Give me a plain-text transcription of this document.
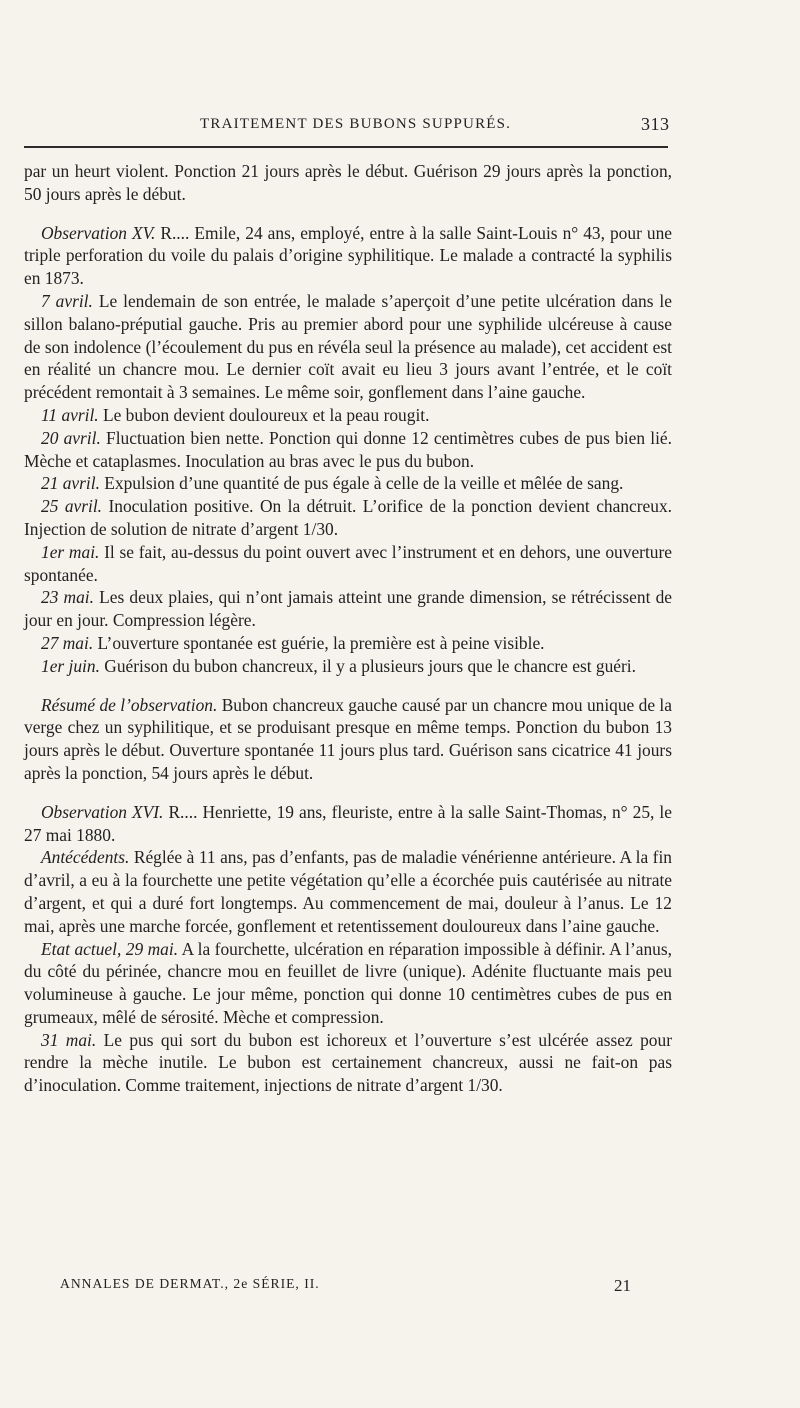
TRAITEMENT DES BUBONS SUPPURÉS.	313

par un heurt violent. Ponction 21 jours après le début. Guérison 29 jours après la ponction, 50 jours après le début.

Observation XV. R.... Emile, 24 ans, employé, entre à la salle Saint-Louis n° 43, pour une triple perforation du voile du palais d’origine syphilitique. Le malade a contracté la syphilis en 1873.

7 avril. Le lendemain de son entrée, le malade s’aperçoit d’une petite ulcération dans le sillon balano-préputial gauche. Pris au premier abord pour une syphilide ulcéreuse à cause de son indolence (l’écoulement du pus en révéla seul la présence au malade), cet accident est en réalité un chancre mou. Le dernier coït avait eu lieu 3 jours avant l’entrée, et le coït précédent remontait à 3 semaines. Le même soir, gonflement dans l’aine gauche.

11 avril. Le bubon devient douloureux et la peau rougit.

20 avril. Fluctuation bien nette. Ponction qui donne 12 centimètres cubes de pus bien lié. Mèche et cataplasmes. Inoculation au bras avec le pus du bubon.

21 avril. Expulsion d’une quantité de pus égale à celle de la veille et mêlée de sang.

25 avril. Inoculation positive. On la détruit. L’orifice de la ponction devient chancreux. Injection de solution de nitrate d’argent 1/30.

1er mai. Il se fait, au-dessus du point ouvert avec l’instrument et en dehors, une ouverture spontanée.

23 mai. Les deux plaies, qui n’ont jamais atteint une grande dimension, se rétrécissent de jour en jour. Compression légère.

27 mai. L’ouverture spontanée est guérie, la première est à peine visible.

1er juin. Guérison du bubon chancreux, il y a plusieurs jours que le chancre est guéri.

Résumé de l’observation. Bubon chancreux gauche causé par un chancre mou unique de la verge chez un syphilitique, et se produisant presque en même temps. Ponction du bubon 13 jours après le début. Ouverture spontanée 11 jours plus tard. Guérison sans cicatrice 41 jours après la ponction, 54 jours après le début.

Observation XVI. R.... Henriette, 19 ans, fleuriste, entre à la salle Saint-Thomas, n° 25, le 27 mai 1880.

Antécédents. Réglée à 11 ans, pas d’enfants, pas de maladie vénérienne antérieure. A la fin d’avril, a eu à la fourchette une petite végétation qu’elle a écorchée puis cautérisée au nitrate d’argent, et qui a duré fort longtemps. Au commencement de mai, douleur à l’anus. Le 12 mai, après une marche forcée, gonflement et retentissement douloureux dans l’aine gauche.

Etat actuel, 29 mai. A la fourchette, ulcération en réparation impossible à définir. A l’anus, du côté du périnée, chancre mou en feuillet de livre (unique). Adénite fluctuante mais peu volumineuse à gauche. Le jour même, ponction qui donne 10 centimètres cubes de pus en grumeaux, mêlé de sérosité. Mèche et compression.

31 mai. Le pus qui sort du bubon est ichoreux et l’ouverture s’est ulcérée assez pour rendre la mèche inutile. Le bubon est certainement chancreux, aussi ne fait-on pas d’inoculation. Comme traitement, injections de nitrate d’argent 1/30.

ANNALES DE DERMAT., 2e SÉRIE, II.	21
